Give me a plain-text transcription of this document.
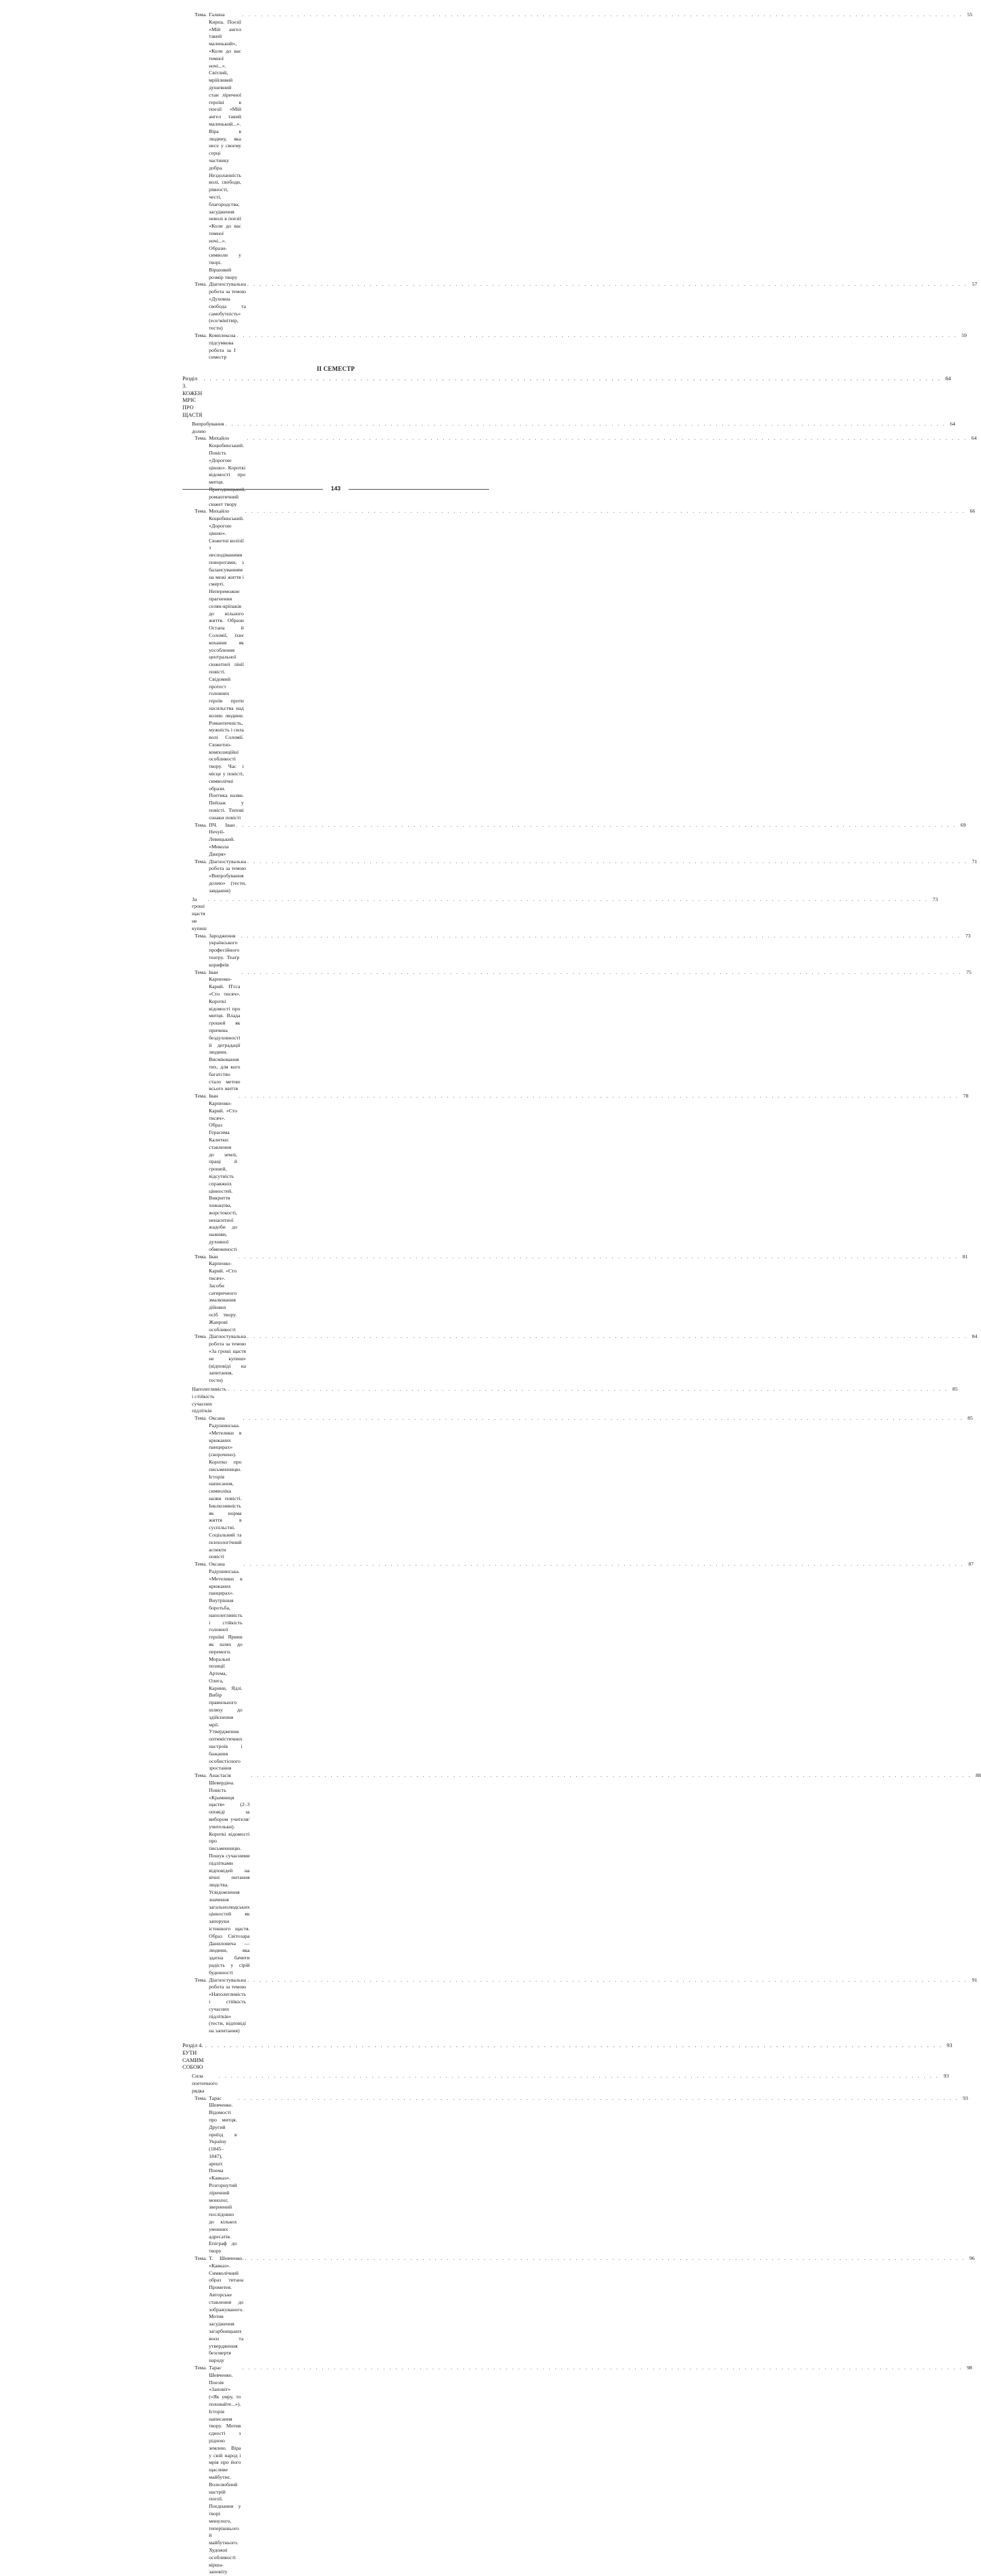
Тема. Галина Кирпа. Поезії «Мій ангел такий маленький», «Коли до вас темної ночі...». Світлий, мрійливий душевний стан ліричної героїні в поезії «Мій ангел такий маленький...». Віра в людину, яка несе у своєму серці частинку добра. Нездоланність волі, свободи, рівності, честі, благородства; засудження неволі в поезії «Коли до вас темної ночі...». Образи-символи у творі. Віршовий розмір твору
. . .
55
Тема. Діагностувальна робота за темою «Духовна свобода та самобутність» (есе/мінітвір, тести)
. . .
57
Тема. Комплексна підсумкова робота за І семестр
. . .
59
II СЕМЕСТР
Розділ 3. КОЖЕН МРІЄ ПРО ЩАСТЯ
. . .
64
Випробування долею
. . .
64
Тема. Михайло Коцюбинський. Повість «Дорогою ціною». Короткі відомості про митця. Пригодницький, романтичний сюжет твору
. . .
64
Тема. Михайло Коцюбинський. «Дорогою ціною». Сюжетні колізії з несподіваними поворотами, з балансуванням на межі життя і смерті. Непереможне прагнення селян-кріпаків до вільного життя. Образи Остапа й Соломії, їхнє кохання як уособлення центральної сюжетної лінії повісті. Свідомий протест головних героїв проти насильства над волею людини. Романтичність, мужність і сила волі Соломії. Сюжетно-композиційні особливості твору. Час і місце у повісті, символічні образи. Поетика назви. Пейзаж у повісті. Типові ознаки повісті
. . .
66
Тема. ПЧ. Іван Нечуй-Левицький. «Микола Джеря»
. . .
69
Тема. Діагностувальна робота за темою «Випробування долею» (тести, завдання)
. . .
71
За гроші щастя не купиш
. . .
73
Тема. Зародження українського професійного театру. Театр корифеїв
. . .
73
Тема. Іван Карпенко-Карий. П'єса «Сто тисяч». Короткі відомості про митця. Влада грошей як причина бездуховності й деградації людини. Висміювання тих, для кого багатство стало метою всього життя
. . .
75
Тема. Іван Карпенко-Карий. «Сто тисяч». Образ Герасима Калитки: ставлення до землі, праці й грошей, відсутність справжніх цінностей. Викриття хижацтва, жорстокості, ненаситної жадоби до наживи, духовної обмеженості
. . .
78
Тема. Іван Карпенко-Карий. «Сто тисяч». Засоби сатиричного змалювання дійових осіб твору. Жанрові особливості
. . .
81
Тема. Діагностувальна робота за темою «За гроші щастя не купиш» (відповіді на запитання, тести)
. . .
84
Наполегливість і стійкість сучасних підлітків
. . .
85
Тема. Оксана Радушинська. «Метелики в крижаних панцирах» (скорочено). Коротко про письменницю. Історія написання, символіка назви повісті. Інклюзивність як норма життя в суспільстві. Соціальний та психологічний аспекти повісті
. . .
85
Тема. Оксана Радушинська. «Метелики в крижаних панцирах». Внутрішня боротьба, наполегливість і стійкість головної героїні Ярини як шлях до перемоги. Моральні позиції Артема, Олега, Карини, Ядзі. Вибір правильного шляху до здійснення мрії. Утвердження оптимістичних настроїв і бажання особистісного зростання
. . .
87
Тема. Анастасія Шевердіна. Повість «Крамниця щастя» (2–3 оповіді за вибором учителя/учительки). Короткі відомості про письменницю. Пошук сучасними підлітками відповідей на вічні питання людства. Усвідомлення значення загальнолюдських цінностей як запоруки істинного щастя. Образ Світозара Даниловича — людини, яка здатна бачити радість у сірій буденності
. . .
88
Тема. Діагностувальна робота за темою «Наполегливість і стійкість сучасних підлітків» (тести, відповіді на запитання)
. . .
91
Розділ 4. БУТИ САМИМ СОБОЮ
. . .
93
Сила поетичного рядка
. . .
93
Тема. Тарас Шевченко. Відомості про митця. Другий приїзд в Україну (1845–1847), арешт. Поема «Кавказ». Розгорнутий ліричний монолог, звернений послідовно до кількох умовних адресатів. Епіграф до твору
. . .
93
Тема. Т. Шевченко. «Кавказ». Символічний образ титана Прометея. Авторське ставлення до зображуваного. Мотив засудження загарбницьких воєн та утвердження безсмертя народу
. . .
96
Тема. Тарас Шевченко. Поезія «Заповіт» («Як умру, то поховайте...»). Історія написання твору. Мотив єдності з рідною землею. Віра у свій народ і мрія про його щасливе майбутнє. Волелюбний настрій поезії. Поєднання у творі минулого, теперішнього й майбутнього. Художні особливості вірша-заповіту
. . .
98
143
